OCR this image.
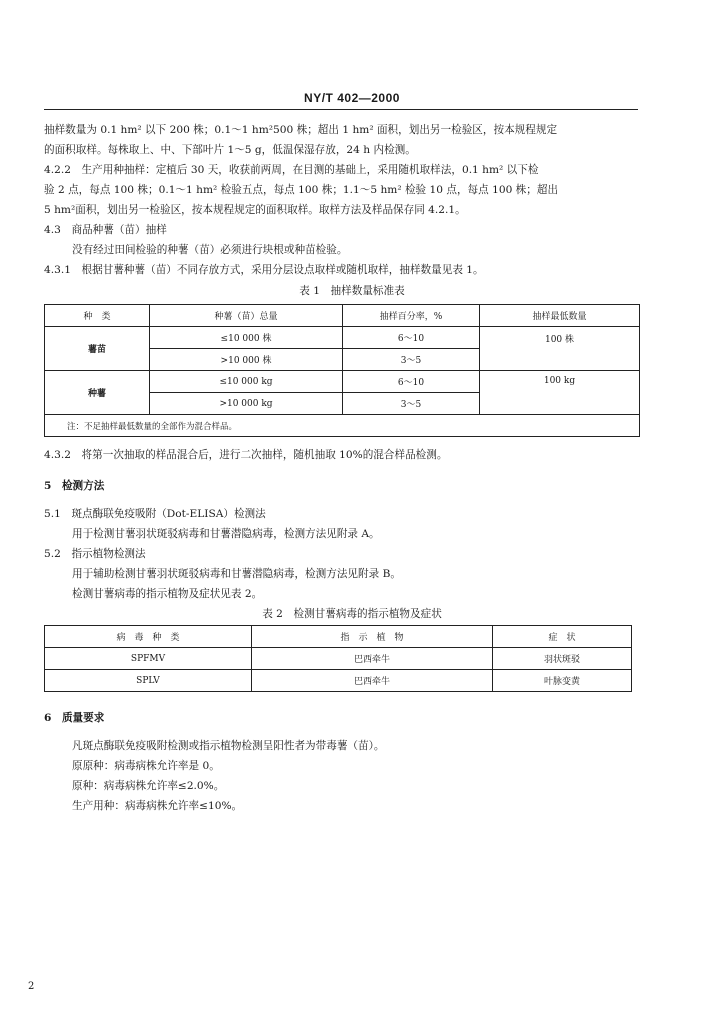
NY/T 402—2000
抽样数量为 0.1 hm² 以下 200 株；0.1～1 hm²500 株；超出 1 hm² 面积，划出另一检验区，按本规程规定
的面积取样。每株取上、中、下部叶片 1～5 g，低温保湿存放，24 h 内检测。
4.2.2　生产用种抽样：定植后 30 天，收获前两周，在目测的基础上，采用随机取样法，0.1 hm² 以下检
验 2 点，每点 100 株；0.1～1 hm² 检验五点，每点 100 株；1.1～5 hm² 检验 10 点，每点 100 株；超出
5 hm²面积，划出另一检验区，按本规程规定的面积取样。取样方法及样品保存同 4.2.1。
4.3　商品种薯（苗）抽样
没有经过田间检验的种薯（苗）必须进行块根或种苗检验。
4.3.1　根据甘薯种薯（苗）不同存放方式，采用分层设点取样或随机取样，抽样数量见表 1。
表 1　抽样数量标准表
种　类	种薯（苗）总量	抽样百分率，%	抽样最低数量
薯苗	≤10 000 株	6～10	100 株
	>10 000 株	3～5	
种薯	≤10 000 kg	6～10	100 kg
	>10 000 kg	3～5	
注：不足抽样最低数量的全部作为混合样品。			
4.3.2　将第一次抽取的样品混合后，进行二次抽样，随机抽取 10%的混合样品检测。
5　检测方法
5.1　斑点酶联免疫吸附（Dot-ELISA）检测法
用于检测甘薯羽状斑驳病毒和甘薯潜隐病毒，检测方法见附录 A。
5.2　指示植物检测法
用于辅助检测甘薯羽状斑驳病毒和甘薯潜隐病毒，检测方法见附录 B。
检测甘薯病毒的指示植物及症状见表 2。
表 2　检测甘薯病毒的指示植物及症状
病　毒　种　类	指　示　植　物	症　状
SPFMV	巴西牵牛	羽状斑驳
SPLV	巴西牵牛	叶脉变黄
6　质量要求
凡斑点酶联免疫吸附检测或指示植物检测呈阳性者为带毒薯（苗）。
原原种：病毒病株允许率是 0。
原种：病毒病株允许率≤2.0%。
生产用种：病毒病株允许率≤10%。
2
